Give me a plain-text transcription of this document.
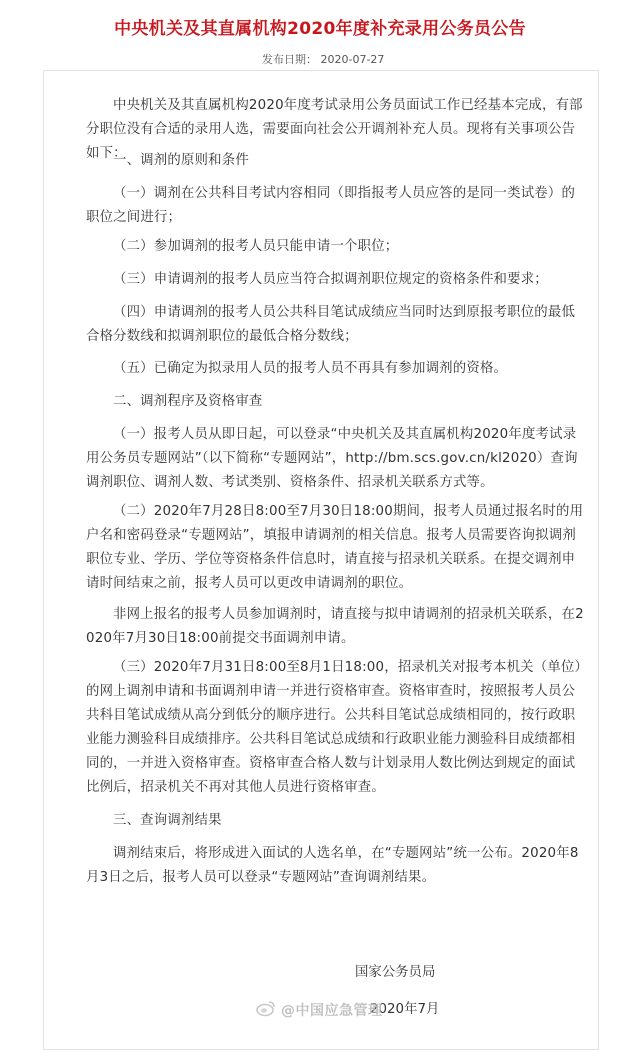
中央机关及其直属机构2020年度补充录用公务员公告
发布日期： 2020-07-27

中央机关及其直属机构2020年度考试录用公务员面试工作已经基本完成，有部分职位没有合适的录用人选，需要面向社会公开调剂补充人员。现将有关事项公告如下：

一、调剂的原则和条件

（一）调剂在公共科目考试内容相同（即指报考人员应答的是同一类试卷）的职位之间进行；

（二）参加调剂的报考人员只能申请一个职位；

（三）申请调剂的报考人员应当符合拟调剂职位规定的资格条件和要求；

（四）申请调剂的报考人员公共科目笔试成绩应当同时达到原报考职位的最低合格分数线和拟调剂职位的最低合格分数线；

（五）已确定为拟录用人员的报考人员不再具有参加调剂的资格。

二、调剂程序及资格审查

（一）报考人员从即日起，可以登录“中央机关及其直属机构2020年度考试录用公务员专题网站”（以下简称“专题网站”，http://bm.scs.gov.cn/kl2020）查询调剂职位、调剂人数、考试类别、资格条件、招录机关联系方式等。

（二）2020年7月28日8:00至7月30日18:00期间，报考人员通过报名时的用户名和密码登录“专题网站”，填报申请调剂的相关信息。报考人员需要咨询拟调剂职位专业、学历、学位等资格条件信息时，请直接与招录机关联系。在提交调剂申请时间结束之前，报考人员可以更改申请调剂的职位。

非网上报名的报考人员参加调剂时，请直接与拟申请调剂的招录机关联系，在2020年7月30日18:00前提交书面调剂申请。

（三）2020年7月31日8:00至8月1日18:00，招录机关对报考本机关（单位）的网上调剂申请和书面调剂申请一并进行资格审查。资格审查时，按照报考人员公共科目笔试成绩从高分到低分的顺序进行。公共科目笔试总成绩相同的，按行政职业能力测验科目成绩排序。公共科目笔试总成绩和行政职业能力测验科目成绩都相同的，一并进入资格审查。资格审查合格人数与计划录用人数比例达到规定的面试比例后，招录机关不再对其他人员进行资格审查。

三、查询调剂结果

调剂结束后，将形成进入面试的人选名单，在“专题网站”统一公布。2020年8月3日之后，报考人员可以登录“专题网站”查询调剂结果。

国家公务员局
2020年7月
@中国应急管理
